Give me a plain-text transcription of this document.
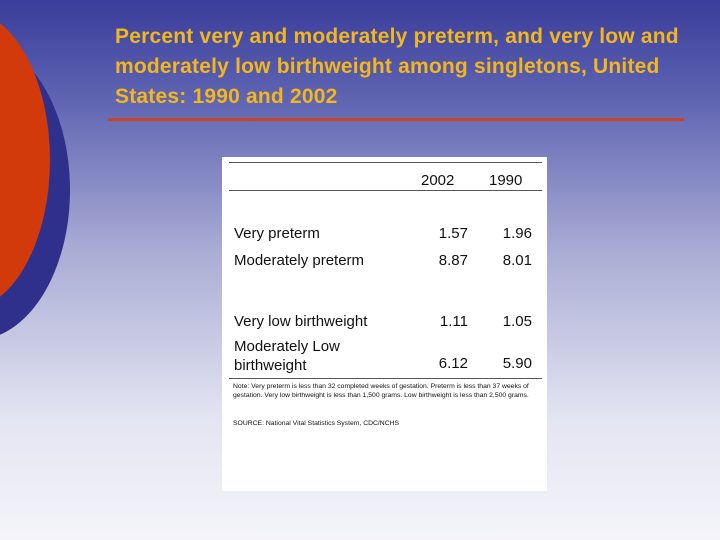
Percent very and moderately preterm, and very low and moderately low birthweight among singletons, United States: 1990 and 2002
2002 1990
Very preterm	1.57	1.96
Moderately preterm	8.87	8.01
Very low birthweight	1.11	1.05
Moderately Low
birthweight	6.12	5.90
Note: Very preterm is less than 32 completed weeks of gestation. Preterm is less than 37 weeks of gestation. Very low birthweight is less than 1,500 grams. Low birthweight is less than 2,500 grams.
SOURCE: National Vital Statistics System, CDC/NCHS
